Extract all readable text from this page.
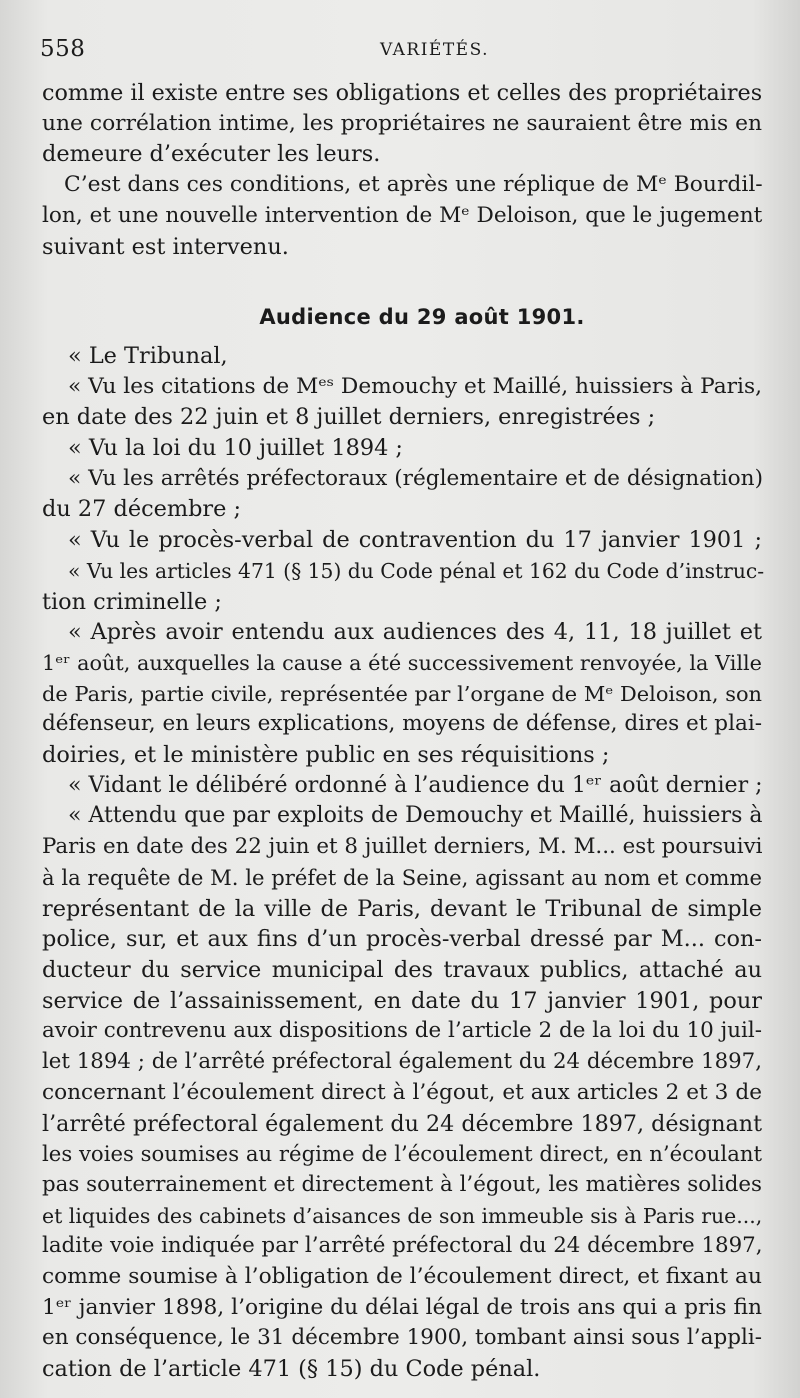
558	VARIÉTÉS.
comme il existe entre ses obligations et celles des propriétaires
une corrélation intime, les propriétaires ne sauraient être mis en
demeure d’exécuter les leurs.
C’est dans ces conditions, et après une réplique de Mᵉ Bourdil-
lon, et une nouvelle intervention de Mᵉ Deloison, que le jugement
suivant est intervenu.
Audience du 29 août 1901.
« Le Tribunal,
« Vu les citations de Mᵉˢ Demouchy et Maillé, huissiers à Paris,
en date des 22 juin et 8 juillet derniers, enregistrées ;
« Vu la loi du 10 juillet 1894 ;
« Vu les arrêtés préfectoraux (réglementaire et de désignation)
du 27 décembre ;
« Vu le procès-verbal de contravention du 17 janvier 1901 ;
« Vu les articles 471 (§ 15) du Code pénal et 162 du Code d’instruc-
tion criminelle ;
« Après avoir entendu aux audiences des 4, 11, 18 juillet et
1ᵉʳ août, auxquelles la cause a été successivement renvoyée, la Ville
de Paris, partie civile, représentée par l’organe de Mᵉ Deloison, son
défenseur, en leurs explications, moyens de défense, dires et plai-
doiries, et le ministère public en ses réquisitions ;
« Vidant le délibéré ordonné à l’audience du 1ᵉʳ août dernier ;
« Attendu que par exploits de Demouchy et Maillé, huissiers à
Paris en date des 22 juin et 8 juillet derniers, M. M... est poursuivi
à la requête de M. le préfet de la Seine, agissant au nom et comme
représentant de la ville de Paris, devant le Tribunal de simple
police, sur, et aux fins d’un procès-verbal dressé par M... con-
ducteur du service municipal des travaux publics, attaché au
service de l’assainissement, en date du 17 janvier 1901, pour
avoir contrevenu aux dispositions de l’article 2 de la loi du 10 juil-
let 1894 ; de l’arrêté préfectoral également du 24 décembre 1897,
concernant l’écoulement direct à l’égout, et aux articles 2 et 3 de
l’arrêté préfectoral également du 24 décembre 1897, désignant
les voies soumises au régime de l’écoulement direct, en n’écoulant
pas souterrainement et directement à l’égout, les matières solides
et liquides des cabinets d’aisances de son immeuble sis à Paris rue...,
ladite voie indiquée par l’arrêté préfectoral du 24 décembre 1897,
comme soumise à l’obligation de l’écoulement direct, et fixant au
1ᵉʳ janvier 1898, l’origine du délai légal de trois ans qui a pris fin
en conséquence, le 31 décembre 1900, tombant ainsi sous l’appli-
cation de l’article 471 (§ 15) du Code pénal.
